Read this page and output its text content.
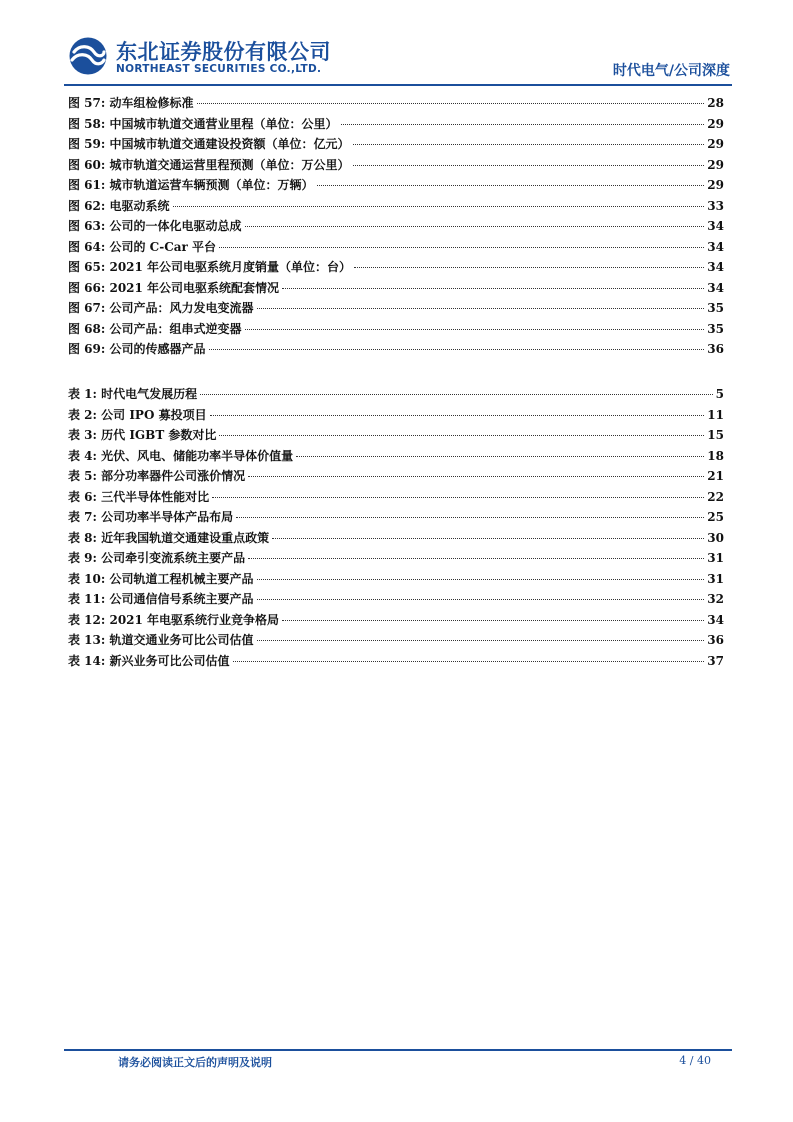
东北证券股份有限公司
NORTHEAST SECURITIES CO.,LTD.	时代电气/公司深度
图 57: 动车组检修标准	28
图 58: 中国城市轨道交通营业里程（单位：公里）	29
图 59: 中国城市轨道交通建设投资额（单位：亿元）	29
图 60: 城市轨道交通运营里程预测（单位：万公里）	29
图 61: 城市轨道运营车辆预测（单位：万辆）	29
图 62: 电驱动系统	33
图 63: 公司的一体化电驱动总成	34
图 64: 公司的 C-Car 平台	34
图 65: 2021 年公司电驱系统月度销量（单位：台）	34
图 66: 2021 年公司电驱系统配套情况	34
图 67: 公司产品：风力发电变流器	35
图 68: 公司产品：组串式逆变器	35
图 69: 公司的传感器产品	36
表 1: 时代电气发展历程	5
表 2: 公司 IPO 募投项目	11
表 3: 历代 IGBT 参数对比	15
表 4: 光伏、风电、储能功率半导体价值量	18
表 5: 部分功率器件公司涨价情况	21
表 6: 三代半导体性能对比	22
表 7: 公司功率半导体产品布局	25
表 8: 近年我国轨道交通建设重点政策	30
表 9: 公司牵引变流系统主要产品	31
表 10: 公司轨道工程机械主要产品	31
表 11: 公司通信信号系统主要产品	32
表 12: 2021 年电驱系统行业竞争格局	34
表 13: 轨道交通业务可比公司估值	36
表 14: 新兴业务可比公司估值	37
请务必阅读正文后的声明及说明	4 / 40
